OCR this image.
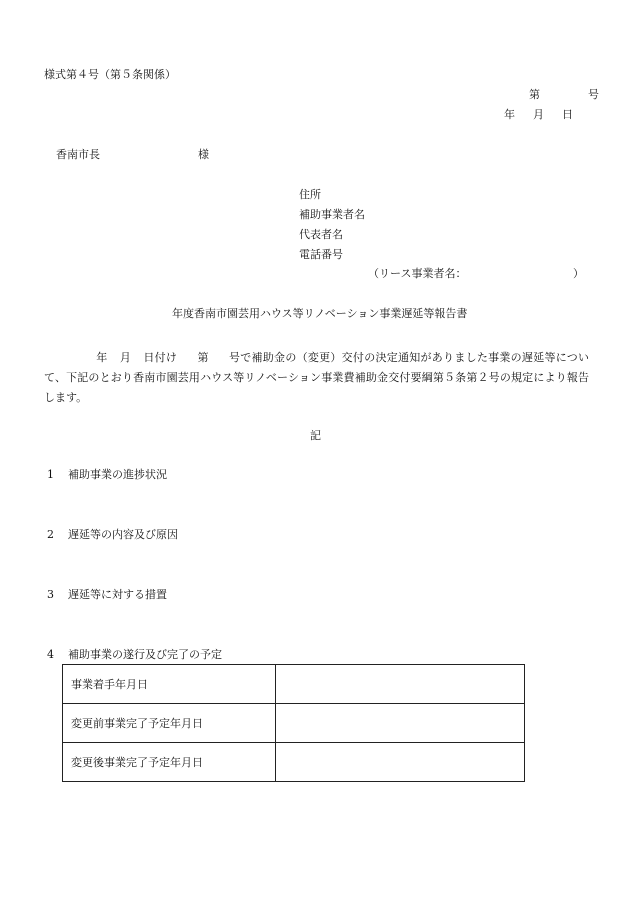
様式第４号（第５条関係）
第	号
年 月 日
香南市長	様
住所
補助事業者名
代表者名
電話番号
（リース事業者名：	）
年度香南市園芸用ハウス等リノベーション事業遅延等報告書
年 月 日付け 第 号で補助金の（変更）交付の決定通知がありました事業の遅延等について、下記のとおり香南市園芸用ハウス等リノベーション事業費補助金交付要綱第５条第２号の規定により報告します。
記
1 補助事業の進捗状況
2 遅延等の内容及び原因
3 遅延等に対する措置
4 補助事業の遂行及び完了の予定
事業着手年月日	
変更前事業完了予定年月日	
変更後事業完了予定年月日	
